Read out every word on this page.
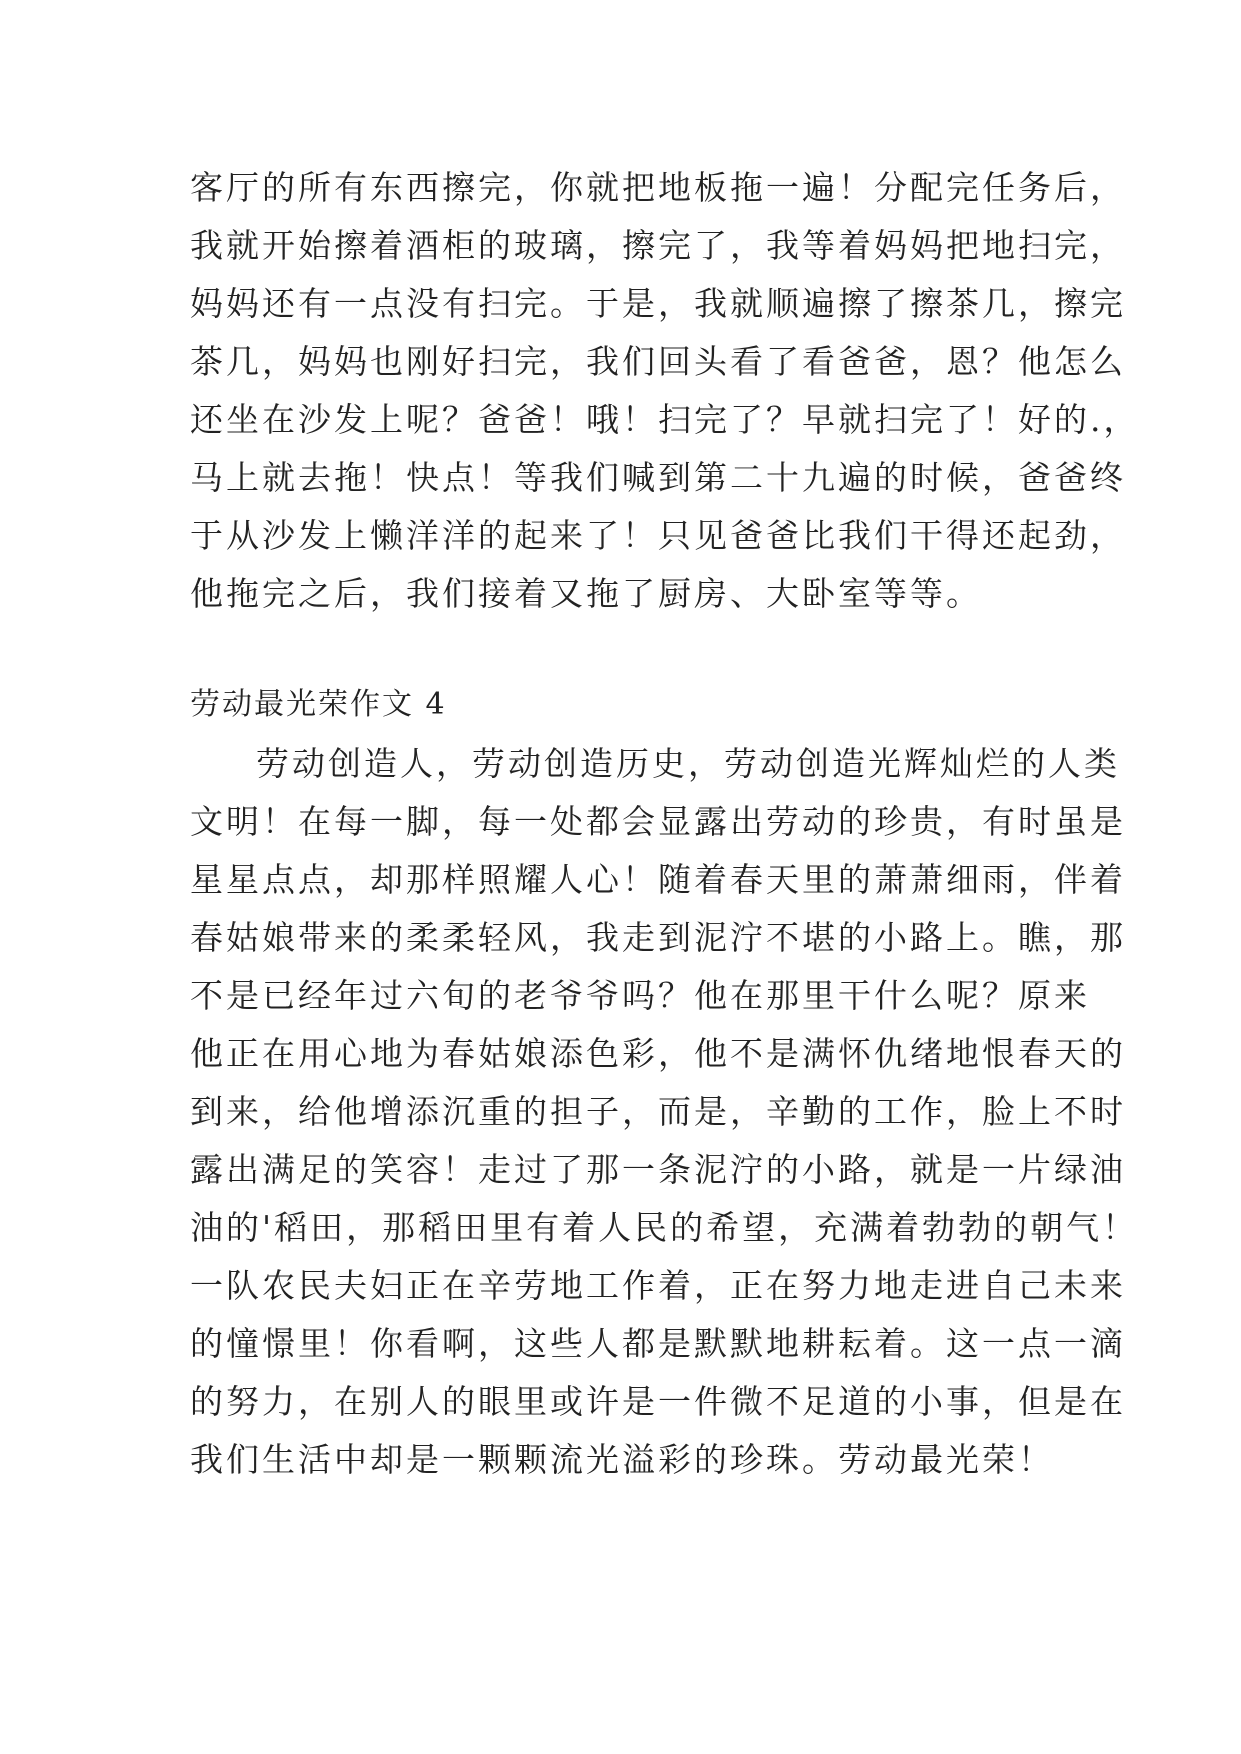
客厅的所有东西擦完，你就把地板拖一遍！分配完任务后，
我就开始擦着酒柜的玻璃，擦完了，我等着妈妈把地扫完，
妈妈还有一点没有扫完。于是，我就顺遍擦了擦茶几，擦完
茶几，妈妈也刚好扫完，我们回头看了看爸爸，恩？他怎么
还坐在沙发上呢？爸爸！哦！扫完了？早就扫完了！好的.，
马上就去拖！快点！等我们喊到第二十九遍的时候，爸爸终
于从沙发上懒洋洋的起来了！只见爸爸比我们干得还起劲，
他拖完之后，我们接着又拖了厨房、大卧室等等。
劳动最光荣作文 4
劳动创造人，劳动创造历史，劳动创造光辉灿烂的人类
文明！在每一脚，每一处都会显露出劳动的珍贵，有时虽是
星星点点，却那样照耀人心！随着春天里的萧萧细雨，伴着
春姑娘带来的柔柔轻风，我走到泥泞不堪的小路上。瞧，那
不是已经年过六旬的老爷爷吗？他在那里干什么呢？原来
他正在用心地为春姑娘添色彩，他不是满怀仇绪地恨春天的
到来，给他增添沉重的担子，而是，辛勤的工作，脸上不时
露出满足的笑容！走过了那一条泥泞的小路，就是一片绿油
油的'稻田，那稻田里有着人民的希望，充满着勃勃的朝气！
一队农民夫妇正在辛劳地工作着，正在努力地走进自己未来
的憧憬里！你看啊，这些人都是默默地耕耘着。这一点一滴
的努力，在别人的眼里或许是一件微不足道的小事，但是在
我们生活中却是一颗颗流光溢彩的珍珠。劳动最光荣！
